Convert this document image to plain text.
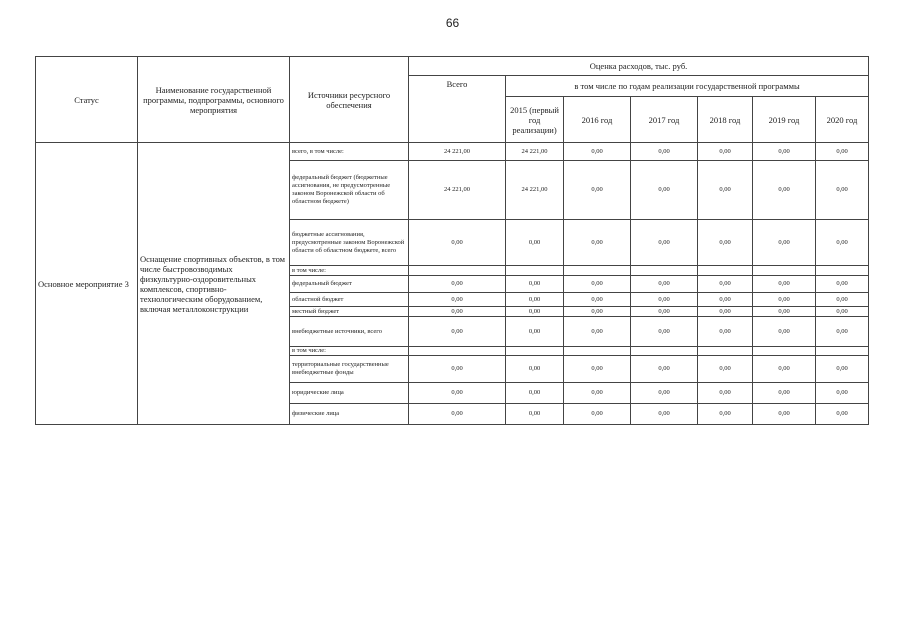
66
Статус	Наименование государственной программы, подпрограммы, основного мероприятия	Источники ресурсного обеспечения	Оценка расходов, тыс. руб.						
			Всего	в том числе по годам реализации государственной программы					
				2015 (первый год реализации)	2016 год	2017 год	2018 год	2019 год	2020 год
Основное мероприятие 3	Оснащение спортивных объектов, в том числе быстровозводимых физкультурно-оздоровительных комплексов, спортивно-технологическим оборудованием, включая металлоконструкции	всего, в том числе:	24 221,00	24 221,00	0,00	0,00	0,00	0,00	0,00
		федеральный бюджет (бюджетные ассигнования, не предусмотренные законом Воронежской области об областном бюджете)	24 221,00	24 221,00	0,00	0,00	0,00	0,00	0,00
		бюджетные ассигнования, предусмотренные законом Воронежской области об областном бюджете, всего	0,00	0,00	0,00	0,00	0,00	0,00	0,00
		в том числе:							
		федеральный бюджет	0,00	0,00	0,00	0,00	0,00	0,00	0,00
		областной бюджет	0,00	0,00	0,00	0,00	0,00	0,00	0,00
		местный бюджет	0,00	0,00	0,00	0,00	0,00	0,00	0,00
		внебюджетные источники, всего	0,00	0,00	0,00	0,00	0,00	0,00	0,00
		в том числе:							
		территориальные государственные внебюджетные фонды	0,00	0,00	0,00	0,00	0,00	0,00	0,00
		юридические лица	0,00	0,00	0,00	0,00	0,00	0,00	0,00
		физические лица	0,00	0,00	0,00	0,00	0,00	0,00	0,00
